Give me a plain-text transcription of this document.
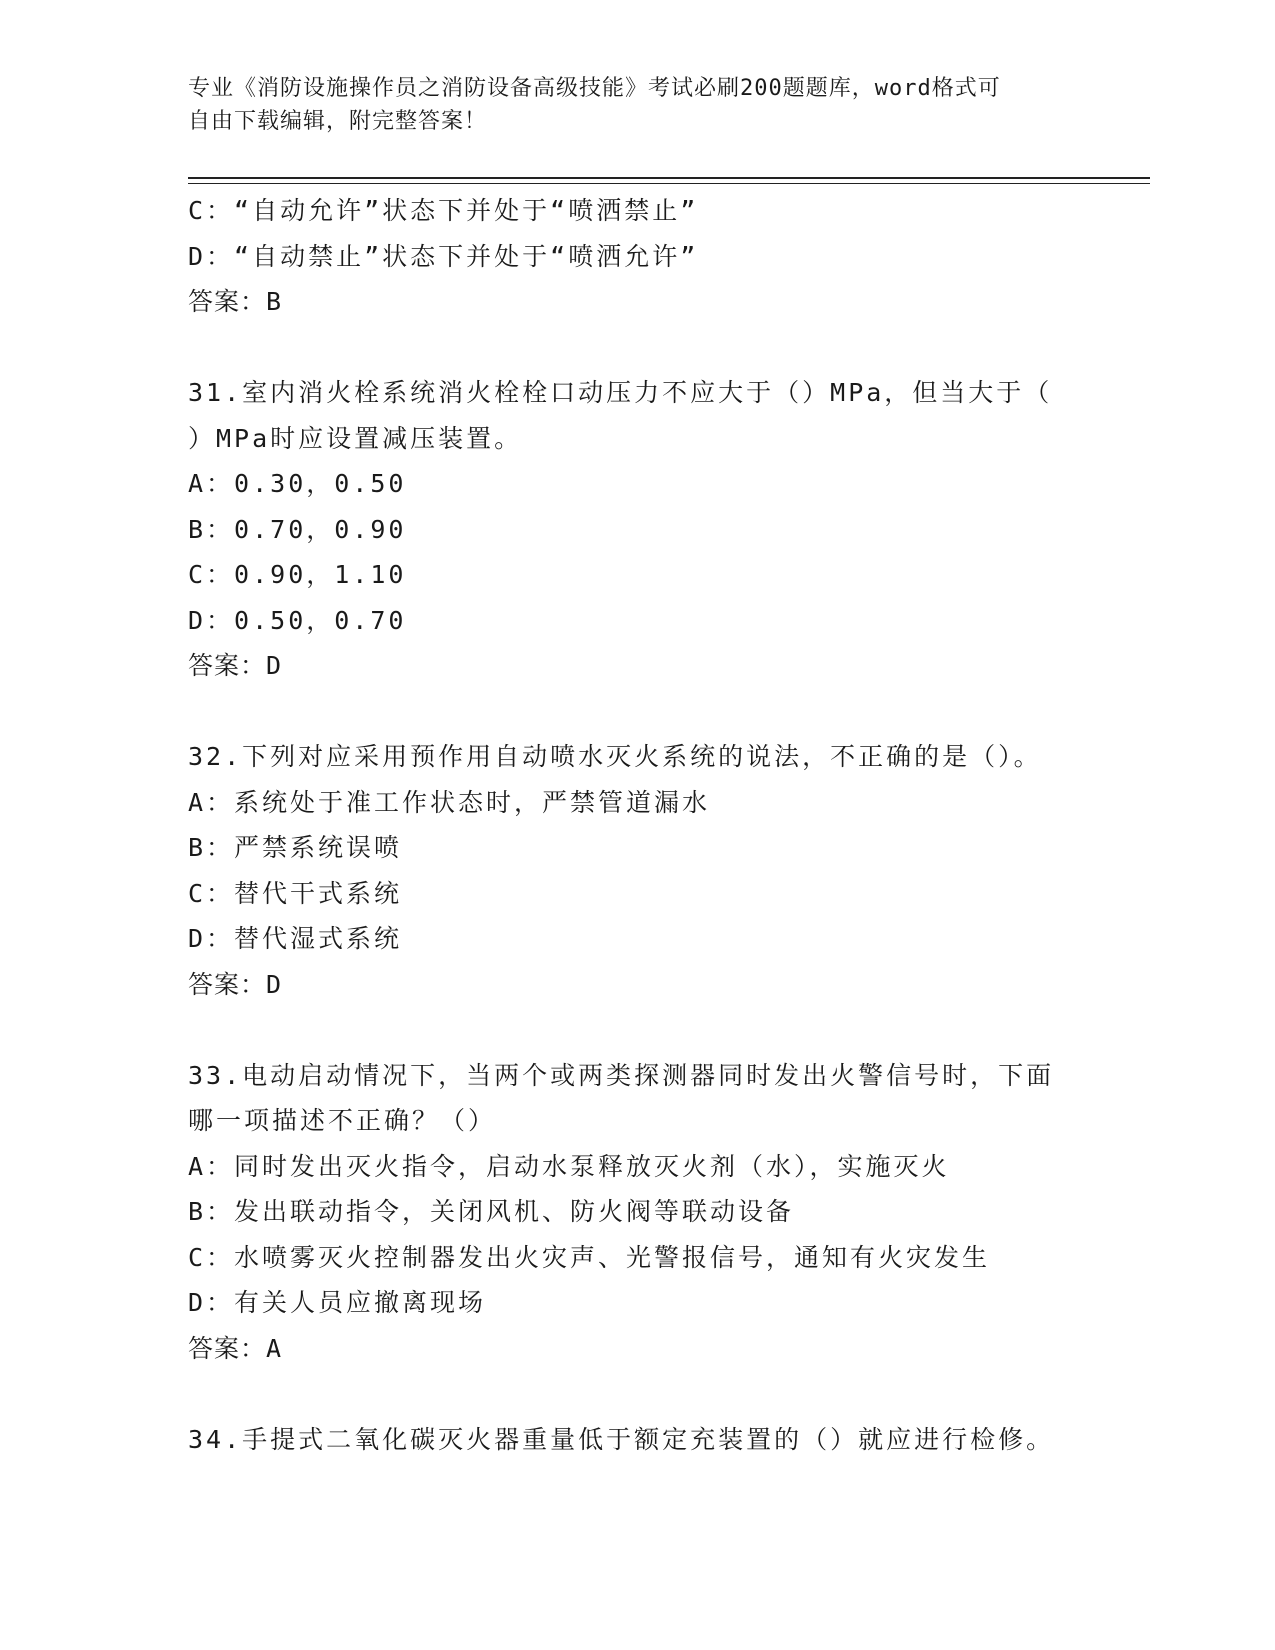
专业《消防设施操作员之消防设备高级技能》考试必刷200题题库，word格式可
自由下载编辑，附完整答案！
C：“自动允许”状态下并处于“喷洒禁止”
D：“自动禁止”状态下并处于“喷洒允许”
答案：B
31.室内消火栓系统消火栓栓口动压力不应大于（）MPa，但当大于（
）MPa时应设置减压装置。
A：0.30，0.50
B：0.70，0.90
C：0.90，1.10
D：0.50，0.70
答案：D
32.下列对应采用预作用自动喷水灭火系统的说法，不正确的是（）。
A：系统处于准工作状态时，严禁管道漏水
B：严禁系统误喷
C：替代干式系统
D：替代湿式系统
答案：D
33.电动启动情况下，当两个或两类探测器同时发出火警信号时，下面
哪一项描述不正确？（）
A：同时发出灭火指令，启动水泵释放灭火剂（水），实施灭火
B：发出联动指令，关闭风机、防火阀等联动设备
C：水喷雾灭火控制器发出火灾声、光警报信号，通知有火灾发生
D：有关人员应撤离现场
答案：A
34.手提式二氧化碳灭火器重量低于额定充装置的（）就应进行检修。
